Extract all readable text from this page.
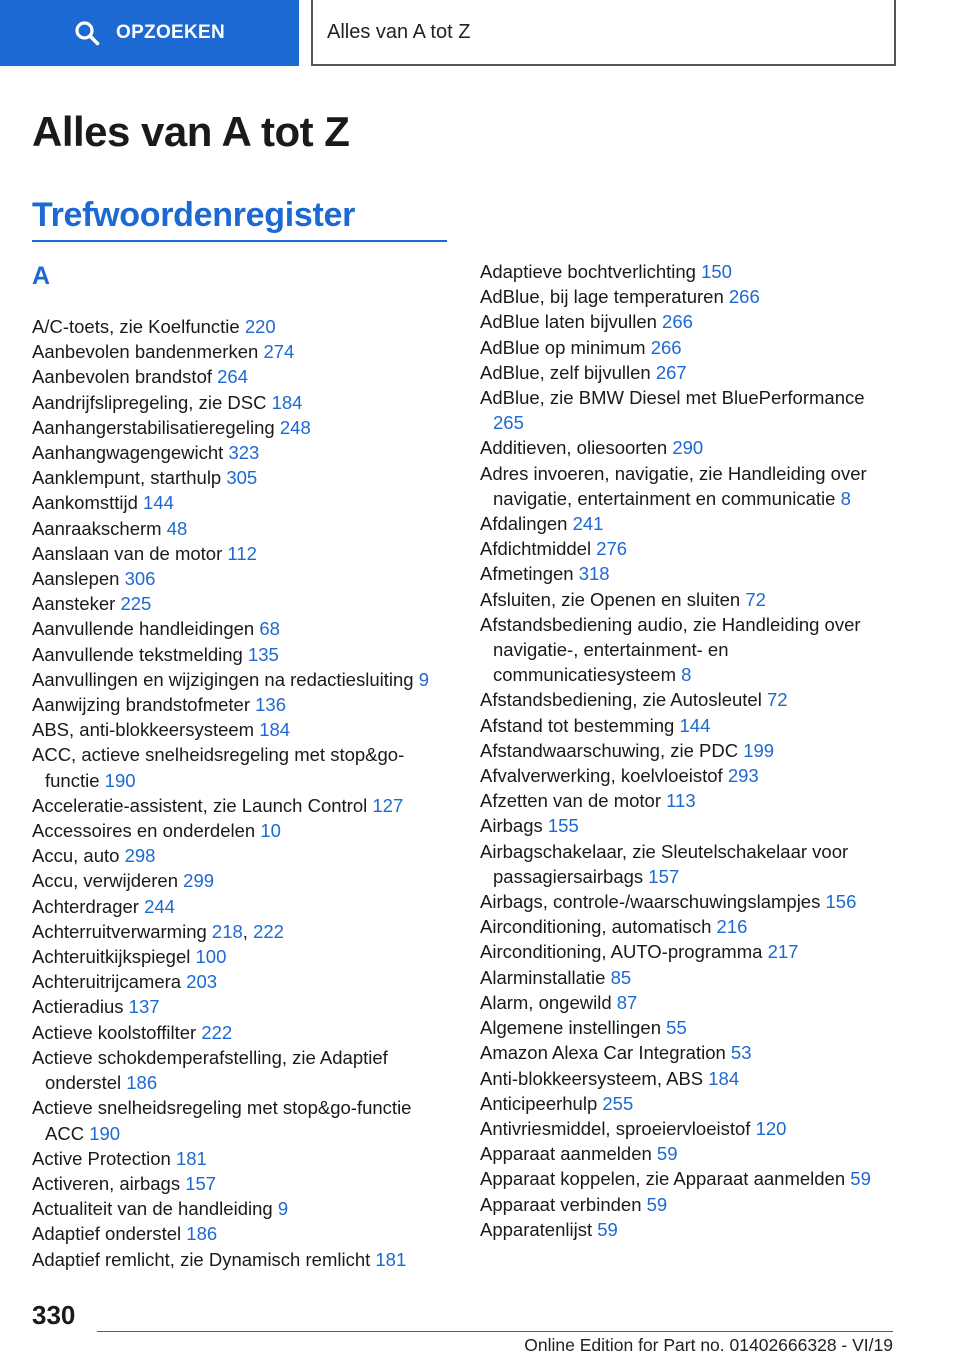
OPZOEKEN	Alles van A tot Z
Alles van A tot Z
Trefwoordenregister
A
A/C-toets, zie Koelfunctie 220
Aanbevolen bandenmerken 274
Aanbevolen brandstof 264
Aandrijfslipregeling, zie DSC 184
Aanhangerstabilisatieregeling 248
Aanhangwagengewicht 323
Aanklempunt, starthulp 305
Aankomsttijd 144
Aanraakscherm 48
Aanslaan van de motor 112
Aanslepen 306
Aansteker 225
Aanvullende handleidingen 68
Aanvullende tekstmelding 135
Aanvullingen en wijzigingen na redactiesluiting 9
Aanwijzing brandstofmeter 136
ABS, anti-blokkeersysteem 184
ACC, actieve snelheidsregeling met stop&go-functie 190
Acceleratie-assistent, zie Launch Control 127
Accessoires en onderdelen 10
Accu, auto 298
Accu, verwijderen 299
Achterdrager 244
Achterruitverwarming 218, 222
Achteruitkijkspiegel 100
Achteruitrijcamera 203
Actieradius 137
Actieve koolstoffilter 222
Actieve schokdemperafstelling, zie Adaptief onderstel 186
Actieve snelheidsregeling met stop&go-functie ACC 190
Active Protection 181
Activeren, airbags 157
Actualiteit van de handleiding 9
Adaptief onderstel 186
Adaptief remlicht, zie Dynamisch remlicht 181
Adaptieve bochtverlichting 150
AdBlue, bij lage temperaturen 266
AdBlue laten bijvullen 266
AdBlue op minimum 266
AdBlue, zelf bijvullen 267
AdBlue, zie BMW Diesel met BluePerformance 265
Additieven, oliesoorten 290
Adres invoeren, navigatie, zie Handleiding over navigatie, entertainment en communicatie 8
Afdalingen 241
Afdichtmiddel 276
Afmetingen 318
Afsluiten, zie Openen en sluiten 72
Afstandsbediening audio, zie Handleiding over navigatie-, entertainment- en communicatiesysteem 8
Afstandsbediening, zie Autosleutel 72
Afstand tot bestemming 144
Afstandwaarschuwing, zie PDC 199
Afvalverwerking, koelvloeistof 293
Afzetten van de motor 113
Airbags 155
Airbagschakelaar, zie Sleutelschakelaar voor passagiersairbags 157
Airbags, controle-/waarschuwingslampjes 156
Airconditioning, automatisch 216
Airconditioning, AUTO-programma 217
Alarminstallatie 85
Alarm, ongewild 87
Algemene instellingen 55
Amazon Alexa Car Integration 53
Anti-blokkeersysteem, ABS 184
Anticipeerhulp 255
Antivriesmiddel, sproeiervloeistof 120
Apparaat aanmelden 59
Apparaat koppelen, zie Apparaat aanmelden 59
Apparaat verbinden 59
Apparatenlijst 59
330
Online Edition for Part no. 01402666328 - VI/19
